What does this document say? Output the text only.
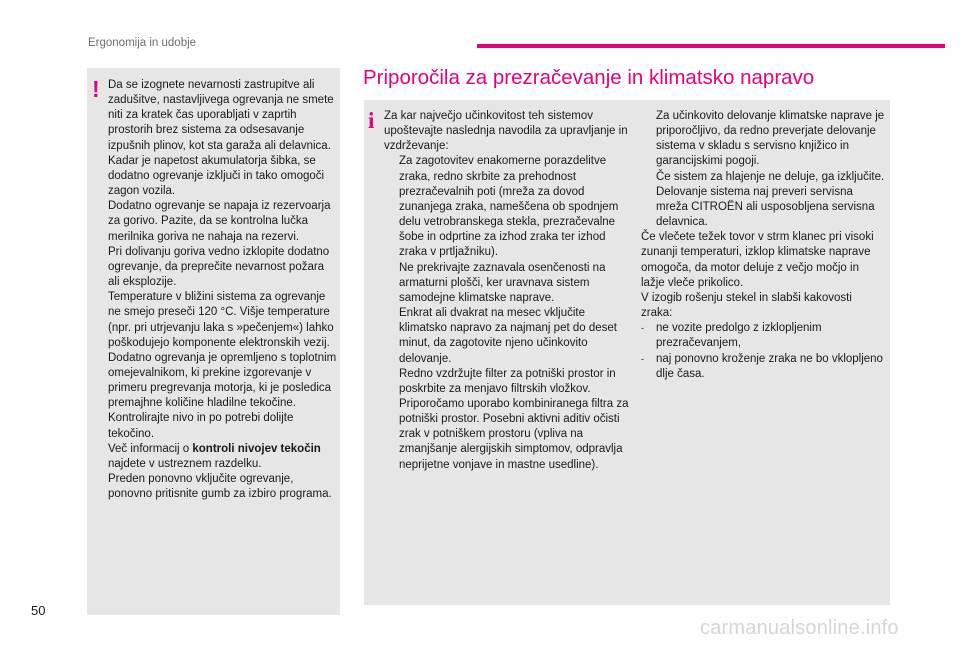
Ergonomija in udobje
! Da se izognete nevarnosti zastrupitve ali zadušitve, nastavljivega ogrevanja ne smete niti za kratek čas uporabljati v zaprtih prostorih brez sistema za odsesavanje izpušnih plinov, kot sta garaža ali delavnica.

Kadar je napetost akumulatorja šibka, se dodatno ogrevanje izključi in tako omogoči zagon vozila.

Dodatno ogrevanje se napaja iz rezervoarja za gorivo. Pazite, da se kontrolna lučka merilnika goriva ne nahaja na rezervi.

Pri dolivanju goriva vedno izklopite dodatno ogrevanje, da preprečite nevarnost požara ali eksplozije.

Temperature v bližini sistema za ogrevanje ne smejo preseči 120 °C. Višje temperature (npr. pri utrjevanju laka s »pečenjem«) lahko poškodujejo komponente elektronskih vezij.

Dodatno ogrevanja je opremljeno s toplotnim omejevalnikom, ki prekine izgorevanje v primeru pregrevanja motorja, ki je posledica premajhne količine hladilne tekočine. Kontrolirajte nivo in po potrebi dolijte tekočino.

Več informacij o kontroli nivojev tekočin najdete v ustreznem razdelku.

Preden ponovno vključite ogrevanje, ponovno pritisnite gumb za izbiro programa.

Priporočila za prezračevanje in klimatsko napravo
i Za kar največjo učinkovitost teh sistemov upoštevajte naslednja navodila za upravljanje in vzdrževanje:

Za zagotovitev enakomerne porazdelitve zraka, redno skrbite za prehodnost prezračevalnih poti (mreža za dovod zunanjega zraka, nameščena ob spodnjem delu vetrobranskega stekla, prezračevalne šobe in odprtine za izhod zraka ter izhod zraka v prtljažniku).
Ne prekrivajte zaznavala osenčenosti na armaturni plošči, ker uravnava sistem samodejne klimatske naprave.
Enkrat ali dvakrat na mesec vključite klimatsko napravo za najmanj pet do deset minut, da zagotovite njeno učinkovito delovanje.
Redno vzdržujte filter za potniški prostor in poskrbite za menjavo filtrskih vložkov. Priporočamo uporabo kombiniranega filtra za potniški prostor. Posebni aktivni aditiv očisti zrak v potniškem prostoru (vpliva na zmanjšanje alergijskih simptomov, odpravlja neprijetne vonjave in mastne usedline).
Za učinkovito delovanje klimatske naprave je priporočljivo, da redno preverjate delovanje sistema v skladu s servisno knjižico in garancijskimi pogoji.
Če sistem za hlajenje ne deluje, ga izključite. Delovanje sistema naj preveri servisna mreža CITROËN ali usposobljena servisna delavnica.

Če vlečete težek tovor v strm klanec pri visoki zunanji temperaturi, izklop klimatske naprave omogoča, da motor deluje z večjo močjo in lažje vleče prikolico.

V izogib rošenju stekel in slabši kakovosti zraka:

- ne vozite predolgo z izklopljenim prezračevanjem,
- naj ponovno kroženje zraka ne bo vklopljeno dlje časa.
50
carmanualsonline.info
